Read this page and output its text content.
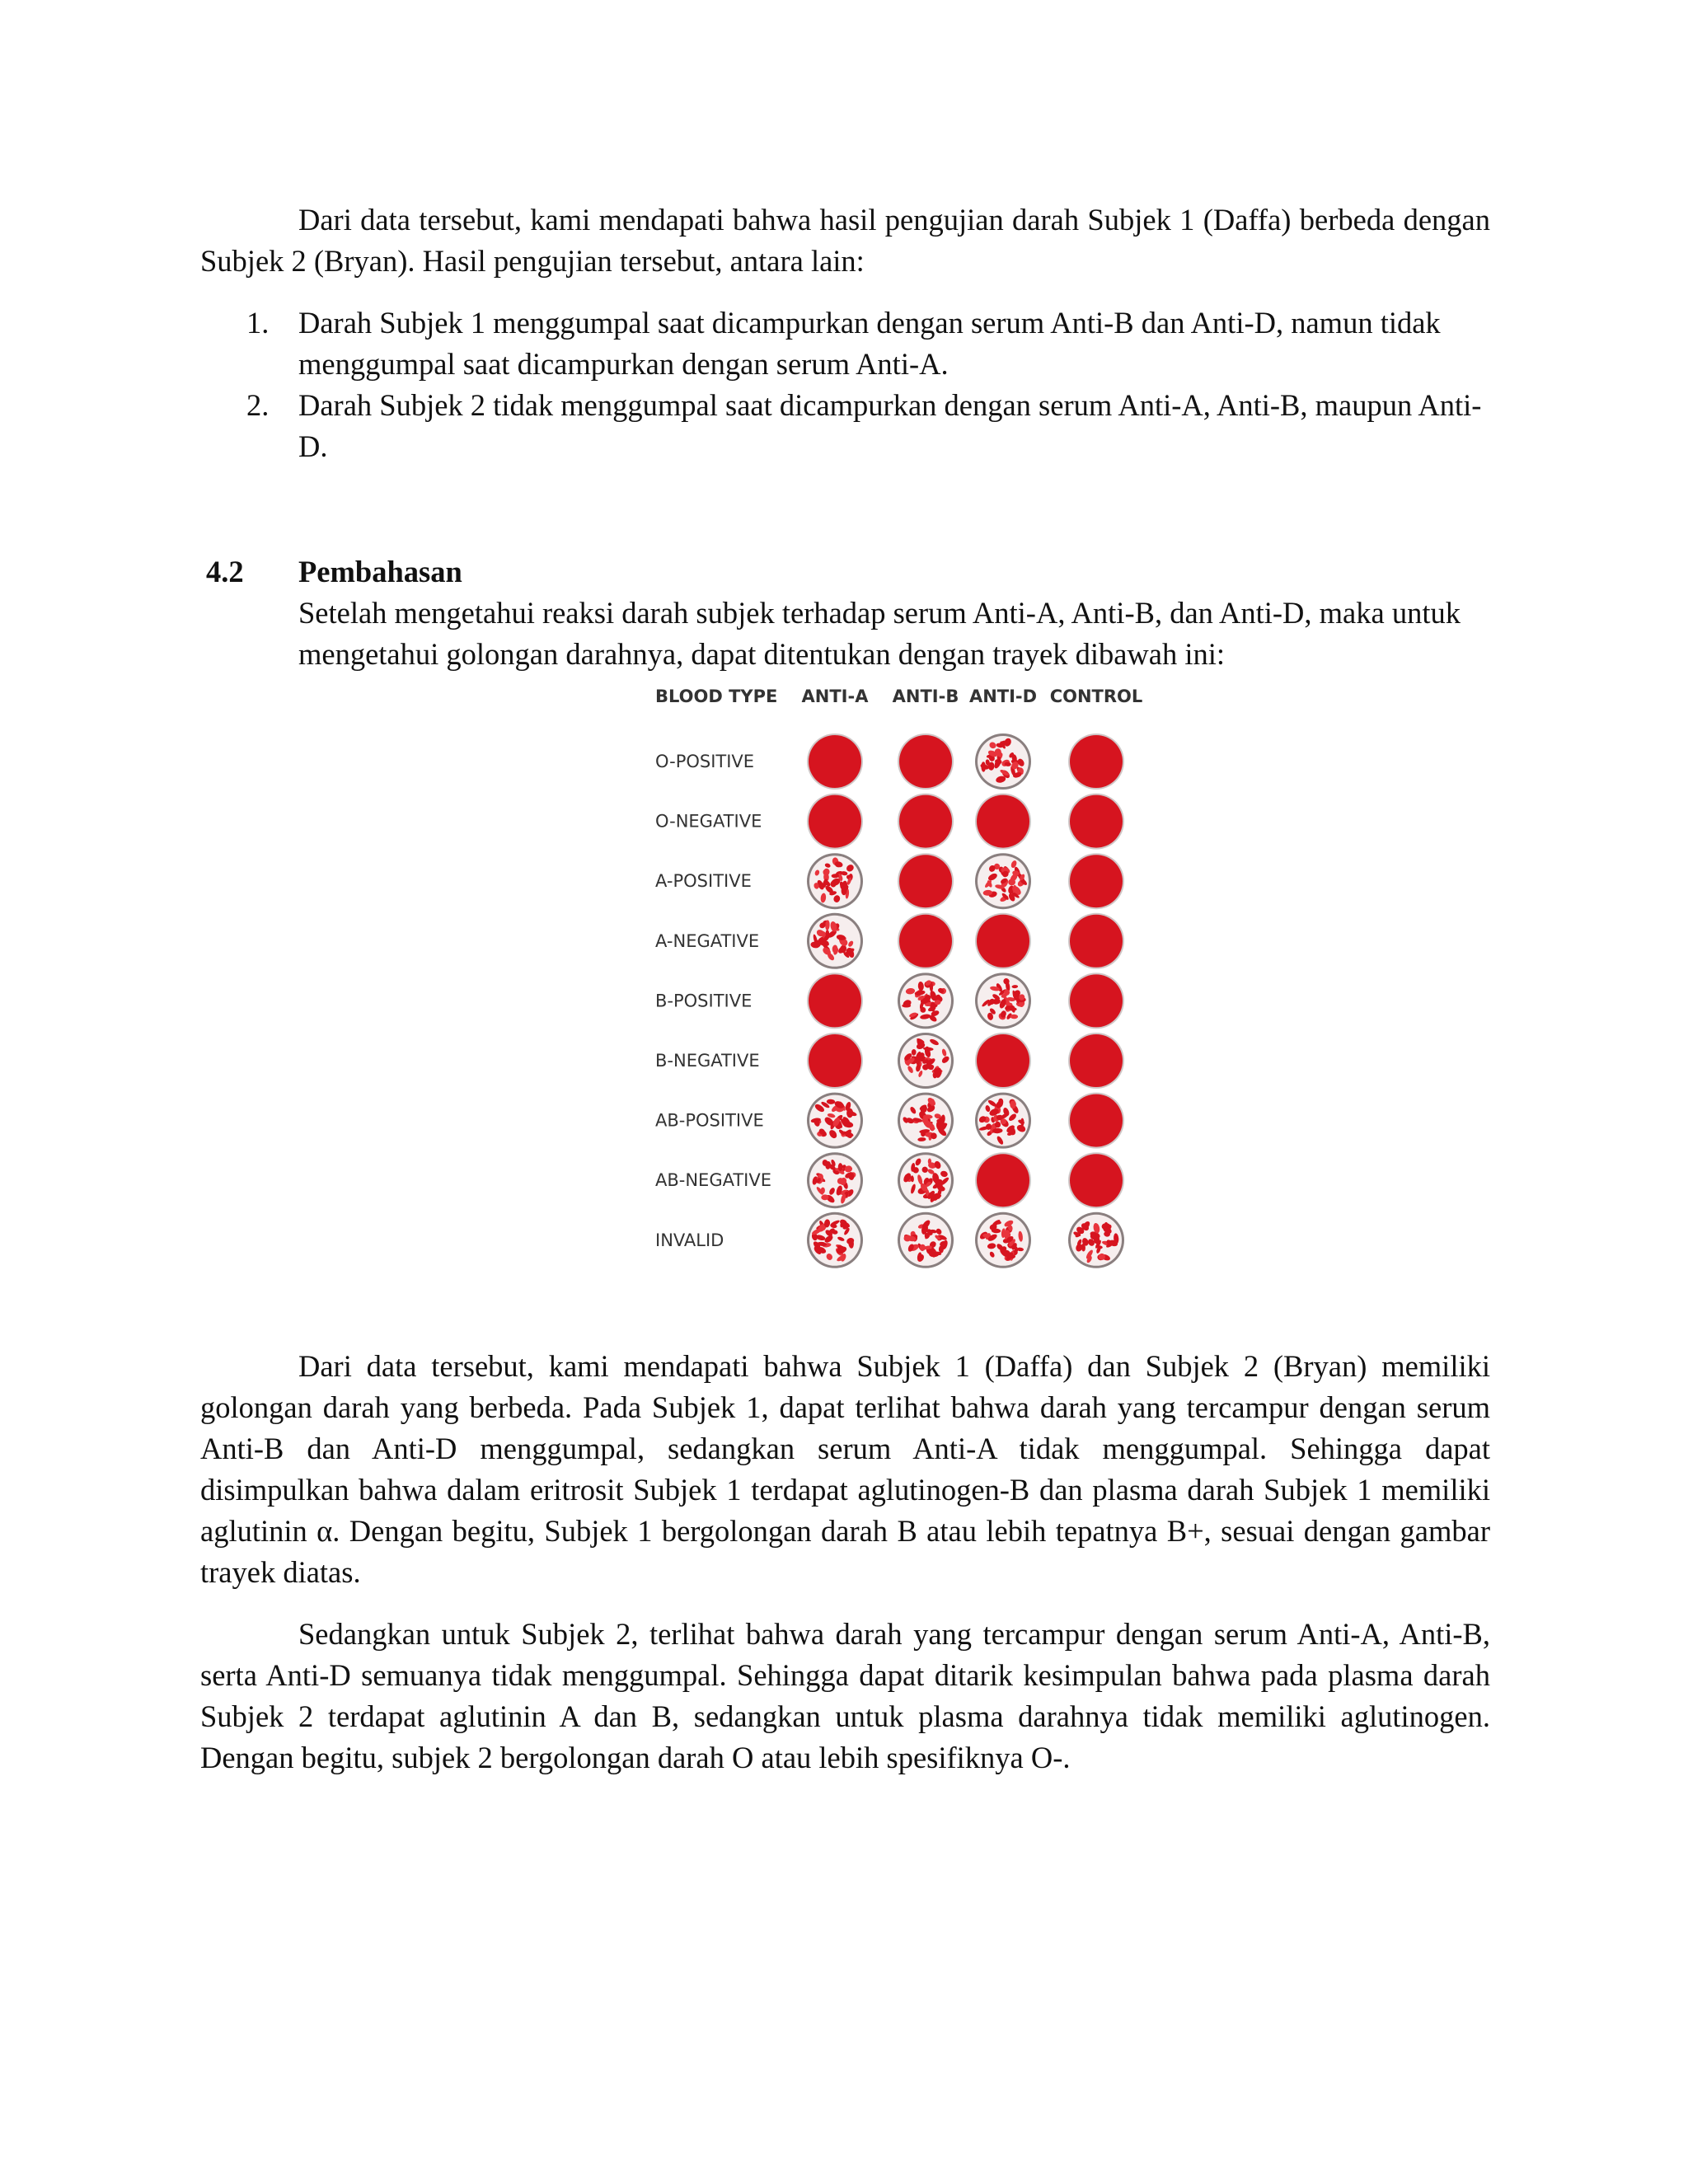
Dari data tersebut, kami mendapati bahwa hasil pengujian darah Subjek 1 (Daffa) berbeda dengan Subjek 2 (Bryan). Hasil pengujian tersebut, antara lain:

1. Darah Subjek 1 menggumpal saat dicampurkan dengan serum Anti-B dan Anti-D, namun tidak menggumpal saat dicampurkan dengan serum Anti-A.
2. Darah Subjek 2 tidak menggumpal saat dicampurkan dengan serum Anti-A, Anti-B, maupun Anti-D.
4.2 Pembahasan

Setelah mengetahui reaksi darah subjek terhadap serum Anti-A, Anti-B, dan Anti-D, maka untuk mengetahui golongan darahnya, dapat ditentukan dengan trayek dibawah ini:

BLOOD TYPE ANTI-A ANTI-B ANTI-D CONTROL
O-POSITIVE
O-NEGATIVE
A-POSITIVE
A-NEGATIVE
B-POSITIVE
B-NEGATIVE
AB-POSITIVE
AB-NEGATIVE
INVALID

Dari data tersebut, kami mendapati bahwa Subjek 1 (Daffa) dan Subjek 2 (Bryan) memiliki golongan darah yang berbeda. Pada Subjek 1, dapat terlihat bahwa darah yang tercampur dengan serum Anti-B dan Anti-D menggumpal, sedangkan serum Anti-A tidak menggumpal. Sehingga dapat disimpulkan bahwa dalam eritrosit Subjek 1 terdapat aglutinogen-B dan plasma darah Subjek 1 memiliki aglutinin α. Dengan begitu, Subjek 1 bergolongan darah B atau lebih tepatnya B+, sesuai dengan gambar trayek diatas.

Sedangkan untuk Subjek 2, terlihat bahwa darah yang tercampur dengan serum Anti-A, Anti-B, serta Anti-D semuanya tidak menggumpal. Sehingga dapat ditarik kesimpulan bahwa pada plasma darah Subjek 2 terdapat aglutinin A dan B, sedangkan untuk plasma darahnya tidak memiliki aglutinogen. Dengan begitu, subjek 2 bergolongan darah O atau lebih spesifiknya O-.
